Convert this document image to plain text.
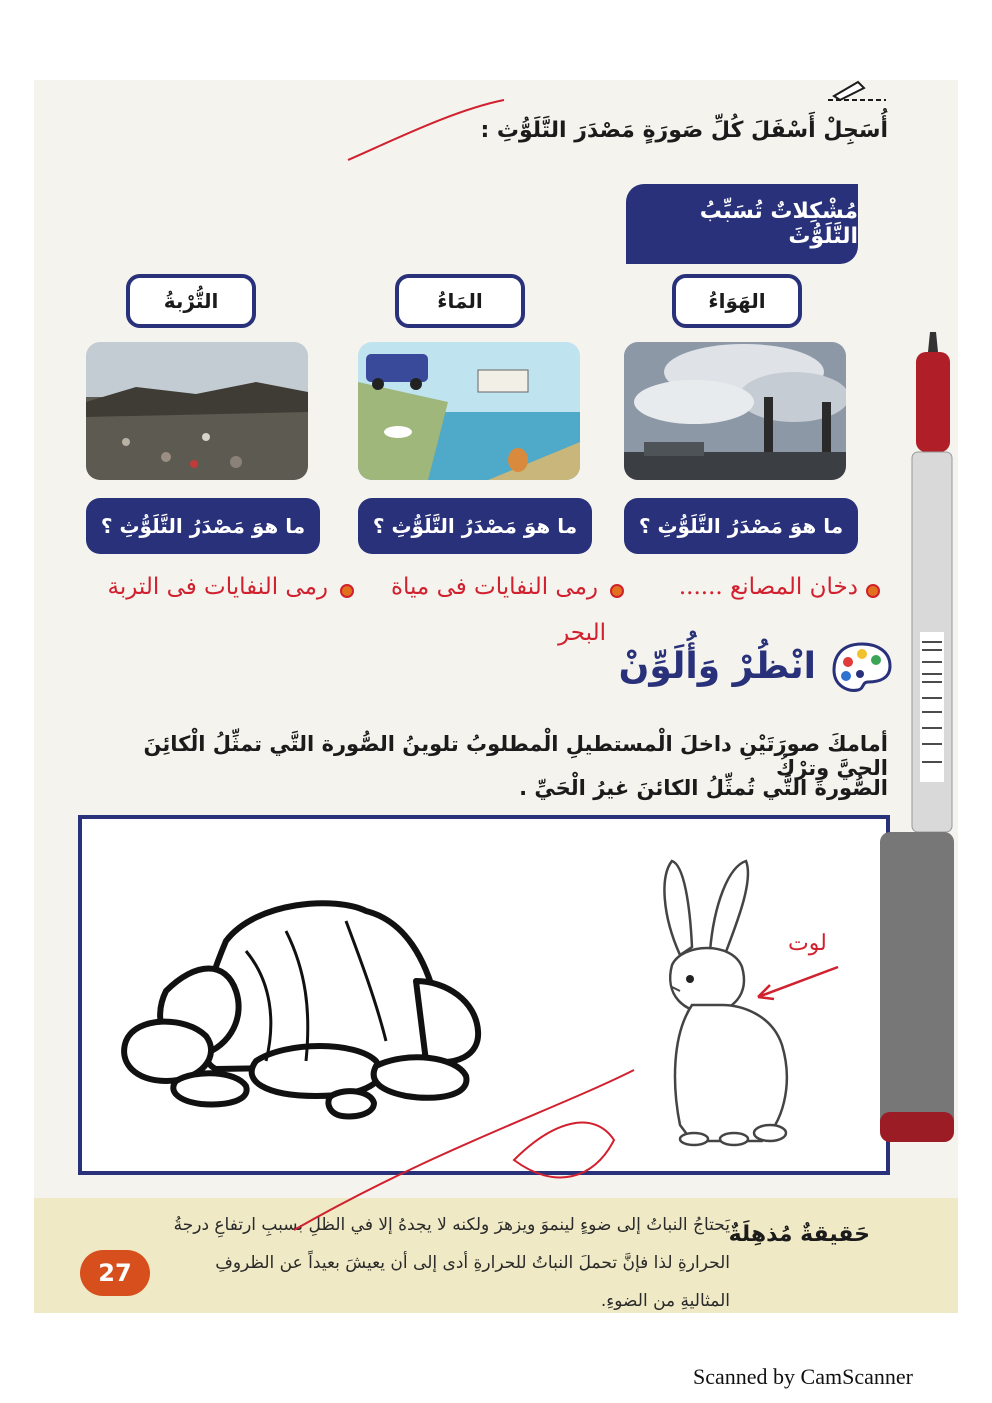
أُسَجِلْ أَسْفَلَ كُلِّ صَورَةٍ مَصْدَرَ التَّلَوُّثِ :
مُشْكِلاتٌ تُسَبِّبُ التَّلَوُّثَ
الهَوَاءُ
المَاءُ
التُّرْبةُ
ما هوَ مَصْدَرُ التَّلَوُّثِ ؟
ما هوَ مَصْدَرُ التَّلَوُّثِ ؟
ما هوَ مَصْدَرُ التَّلَوُّثِ ؟
دخان المصانع ......
رمى النفايات فى مياة
البحر
رمى النفايات فى التربة
انْظُرْ وَأُلَوِّنْ
أمامكَ صورَتَيْنِ داخلَ الْمستطيلِ الْمطلوبُ تلوينُ الصُّورة التَّي تمثِّلُ الْكائِنَ الحيَّ وترْكُ
الصُّورةَ التَّي تُمثِّلُ الكائنَ غيرُ الْحَيِّ .
لوت
حَقيقةٌ مُذهِلَةٌ
يَحتاجُ النباتُ إلى ضوءٍ لينموَ ويزهرَ ولكنه لا يجدهُ إلا في الظلِ بسببِ ارتفاعِ درجةُ الحرارةِ لذا فإنَّ تحملَ النباتُ للحرارةِ أدى إلى أن يعيشَ بعيداً عن الظروفِ المثاليةِ من الضوءِ.
27
Scanned by CamScanner
